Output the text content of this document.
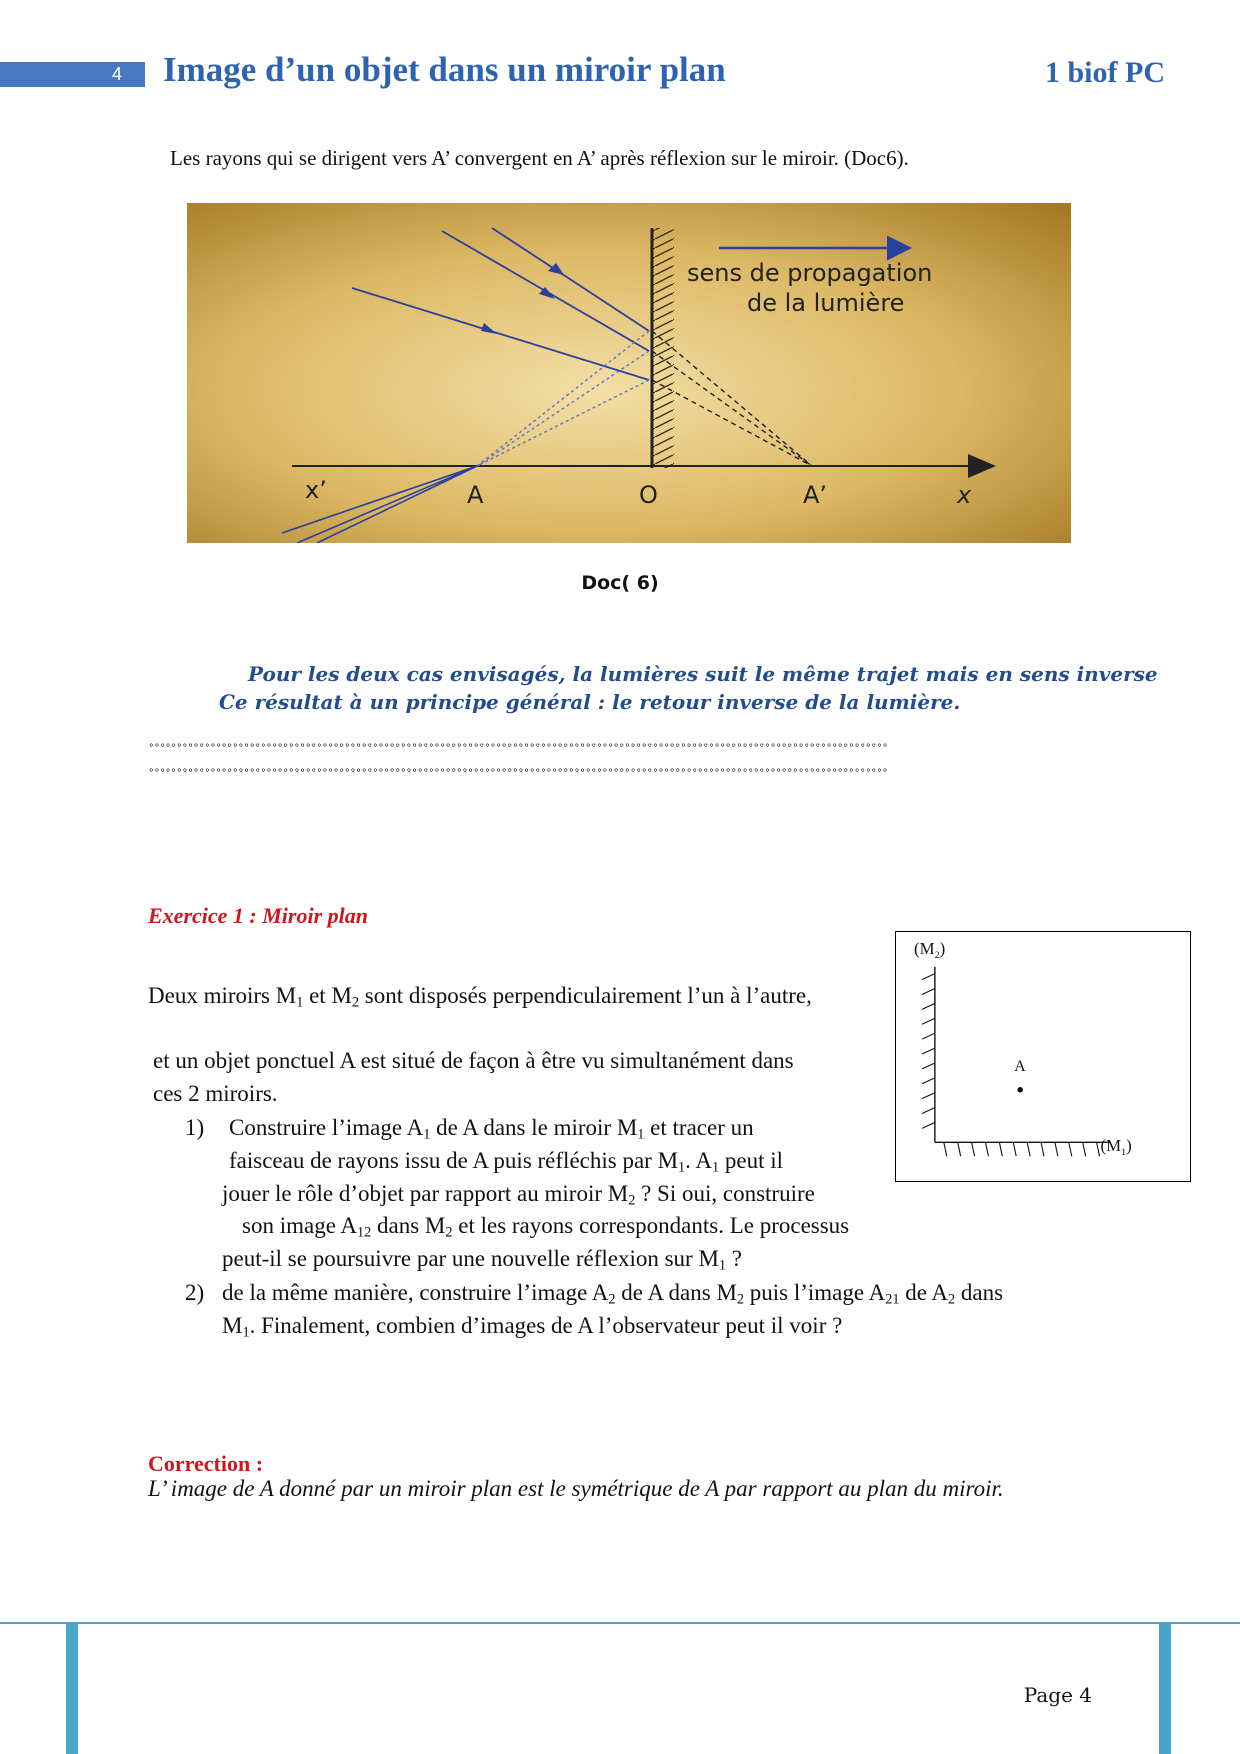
4	Image d’un objet dans un miroir plan	1 biof PC
Les rayons qui se dirigent vers A’ convergent en A’ après réflexion sur le miroir. (Doc6).
sens de propagation
de la lumière
x’	A	O	A’	x
Doc( 6)
Pour les deux cas envisagés, la lumières suit le même trajet mais en sens inverse
Ce résultat à un principe général : le retour inverse de la lumière.
°°°°°°°°°°°°°°°°°°°°°°°°°°°°°°°°°°°°°°°°°°°°°°°°°°°°°°°°°°°°°°°°°°°°°°°°°°°°°°°°°°°°°°°°°°°°°°°°°°°°°°°°°°°°°°°°°°°°°°°°°°°°°°°°°°°°
°°°°°°°°°°°°°°°°°°°°°°°°°°°°°°°°°°°°°°°°°°°°°°°°°°°°°°°°°°°°°°°°°°°°°°°°°°°°°°°°°°°°°°°°°°°°°°°°°°°°°°°°°°°°°°°°°°°°°°°°°°°°°°°°°°°°
Exercice 1 : Miroir plan
Deux miroirs $M_1$ et $M_2$ sont disposés perpendiculairement l’un à l’autre,
et un objet ponctuel A est situé de façon à être vu simultanément dans
ces 2 miroirs.
1) Construire l’image $A_1$ de A dans le miroir $M_1$ et tracer un
faisceau de rayons issu de A puis réfléchis par $M_1$. $A_1$ peut il
jouer le rôle d’objet par rapport au miroir $M_2$ ? Si oui, construire
son image $A_{12}$ dans $M_2$ et les rayons correspondants. Le processus
peut-il se poursuivre par une nouvelle réflexion sur $M_1$ ?
2) de la même manière, construire l’image $A_2$ de A dans $M_2$ puis l’image $A_{21}$ de $A_2$ dans
$M_1$. Finalement, combien d’images de A l’observateur peut il voir ?
$(M_2)$
$(M_1)$
A
Correction :
L’ image de A donné par un miroir plan est le symétrique de A par rapport au plan du miroir.
Page 4
